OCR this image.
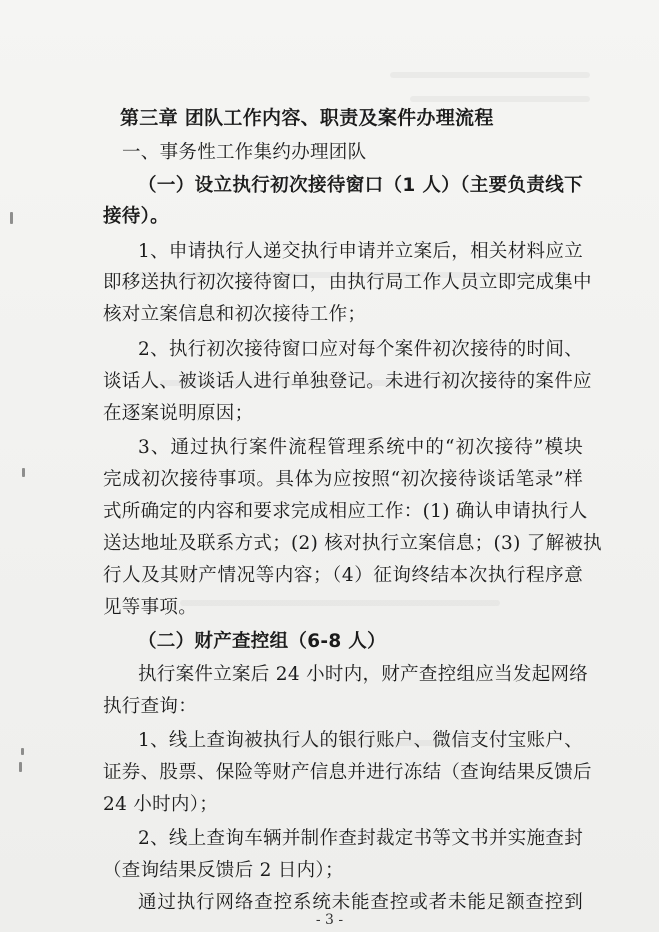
第三章 团队工作内容、职责及案件办理流程
一、事务性工作集约办理团队
（一）设立执行初次接待窗口（1 人）（主要负责线下
接待）。
1、申请执行人递交执行申请并立案后，相关材料应立
即移送执行初次接待窗口，由执行局工作人员立即完成集中
核对立案信息和初次接待工作；
2、执行初次接待窗口应对每个案件初次接待的时间、
谈话人、被谈话人进行单独登记。未进行初次接待的案件应
在逐案说明原因；
3、通过执行案件流程管理系统中的“初次接待”模块
完成初次接待事项。具体为应按照“初次接待谈话笔录”样
式所确定的内容和要求完成相应工作：(1) 确认申请执行人
送达地址及联系方式；(2) 核对执行立案信息；(3) 了解被执
行人及其财产情况等内容；（4）征询终结本次执行程序意
见等事项。
（二）财产查控组（6-8 人）
执行案件立案后 24 小时内，财产查控组应当发起网络
执行查询：
1、线上查询被执行人的银行账户、微信支付宝账户、
证券、股票、保险等财产信息并进行冻结（查询结果反馈后
24 小时内）；
2、线上查询车辆并制作查封裁定书等文书并实施查封
（查询结果反馈后 2 日内）；
通过执行网络查控系统未能查控或者未能足额查控到
- 3 -
